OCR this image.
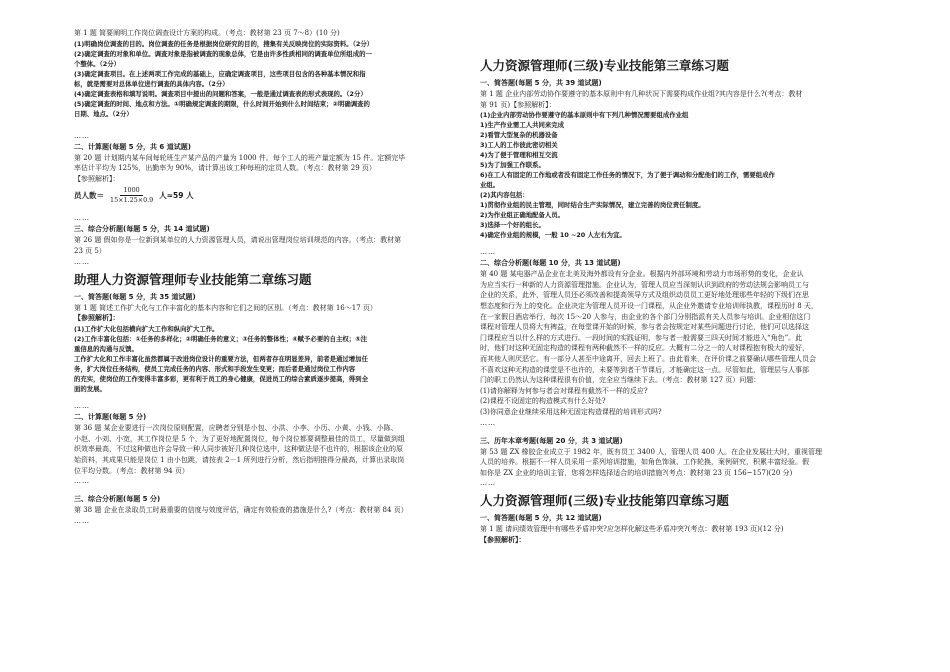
第 1 题 简要阐明工作岗位调查设计方案的构成。（考点：教材第 23 页 7～8）(10 分)

(1)明确岗位调查的目的。岗位调查的任务是根据岗位研究的目的，搜集有关反映岗位的实际资料。（2分）

(2)确定调查的对象和单位。调查对象是指被调查的现象总体，它是由许多性质相同的调查单位所组成的一

个整体。（2分）

(3)确定调查项目。在上述两项工作完成的基础上，应确定调查项目，这些项目包含的各种基本情况和指

标，就是需要对总体单位进行调查的具体内容。（2分）

(4)确定调查表格和填写说明。调查项目中提出的问题和答案，一般是通过调查表的形式表现的。（2分）

(5)确定调查的时间、地点和方法。①明确规定调查的期限，什么时间开始到什么时间结束；②明确调查的

日期、地点。（2分）

……

二、计算题(每题 5 分，共 6 道试题)

第 20 题 计划期内某车间每轮班生产某产品的产量为 1000 件。每个工人的班产量定额为 15 件。定额完毕

率估计平均为 125%，出勤率为 90%，请计算出该工种每班的定员人数。（考点：教材第 29 页）

【参照解析】：

员人数＝ $\frac{1000}{15\times 1.25\times 0.9}$ 人≈59 人

……

三、综合分析题(每题 5 分，共 14 道试题)

第 26 题 假如你是一位新到某单位的人力资源管理人员，请说出管理岗位培训规范的内容。（考点：教材第

23 页 5）

……

助理人力资源管理师专业技能第二章练习题

一、简答题(每题 5 分，共 35 道试题)

第 1 题 简述工作扩大化与工作丰富化的基本内容和它们之间的区别。（考点：教材第 16～17 页）

【参照解析】：

(1)工作扩大化包括横向扩大工作和纵向扩大工作。

(2)工作丰富化包括：①任务的多样化；②明确任务的意义；③任务的整体性；④赋予必要的自主权；⑤注

重信息的沟通与反馈。

工作扩大化和工作丰富化虽然都属于改进岗位设计的重要方法，但两者存在明显差异，前者是通过增加任

务，扩大岗位任务结构，使员工完成任务的内容、形式和手段发生变更；而后者是通过岗位工作内容

的充实，使岗位的工作变得丰富多彩，更有利于员工的身心健康，促进员工的综合素质逐步提高，得到全

面的发展。

……

二、计算题(每题 5 分)

第 36 题 某企业要进行一次岗位原则配置，应聘者分别是小包、小洪、小李、小历、小黄、小钱、小陈、

小赵、小刘、小宽，其工作岗位是 5 个，为了更好地配置岗位，每个岗位都要调整最佳的员工，尽量做到组

织效率最高，不过这种做也许会导致一种人同步被好几种岗位选中，这种做法是不也许的，根据该企业的原

始资料，其成果只能是岗位 1 由小包跳，请按表 2－1 所列进行分析，然后指明推得分最高，计算出录取岗

位平均分数。（考点：教材第 94 页）

……

三、综合分析题(每题 5 分)

第 38 题 企业在录取员工时最重要的信度与效度评估，确定有效检查的措施是什么?（考点：教材第 84 页）

……

人力资源管理师(三级)专业技能第三章练习题

一、简答题(每题 5 分，共 39 道试题)

第 1 题 企业内部劳动协作要遵守的基本原则中有几种状况下需要构成作业组?其内容是什么?(考点：教材

第 91 页)【参照解析】：

(1)企业内部劳动协作要遵守的基本原则中有下列几种情况需要组成作业组

1)生产作业需工人共同来完成

2)看管大型复杂的机器设备

3)工人的工作彼此密切相关

4)为了便于管理和相互交流

5)为了加强工作联系。

6)在工人有固定的工作地或者没有固定工作任务的情况下，为了便于调动和分配他们的工作，需要组成作

业组。

(2)其内容包括：

1)贯彻作业组的民主管理，同时结合生产实际情况，建立完善的岗位责任制度。

2)为作业组正确地配备人员。

3)选择一个好的组长。

4)确定作业组的规模，一般 10 ~20 人左右为宜。

……

二、综合分析题(每题 10 分，共 13 道试题)

第 40 题 某电器产品企业在北美及海外都设有分企业。根据内外部环境和劳动力市场形势的变化，企业认

为应当实行一种新的人力资源管理措施。企业认为，管理人员应当深刻认识到政府的劳动法规会影响员工与

企业的关系，此外，管理人员还必须改善和提高领导方式及组织动员员工更好地处理那些年轻的下级们在思

想态度和行为上的变化。企业决定为管理人员开设一门课程，从企业外邀请专业培训师执教，课程历时 8 天，

在一家假日酒店举行，每次 15～20 人参与，由企业的各个部门分别指派有关人员参与培训。企业相信这门

课程对管理人员将大有裨益，在每堂课开始的时候，参与者会按规定对某些问题进行讨论，他们可以选择这

门课程应当以什么样的方式进行。一段时间的实践证明，参与者一般需要三四天时间才能进入“角色”。此

时，他们对这种无固定构造的课程有两种截然不一样的反应。大概有二分之一的人对课程抱有极大的爱好，

而其他人则厌恶它。有一部分人甚至中途离开，回去上班了。由此看来，在评价课之前要确认哪些管理人员会

不喜欢这种无构造的课堂是不也许的，未要等到者干节课后，才能确定这一点。尽管如此，管理层与人事部

门的职工仍然认为这种课程很有价值，完全应当继续下去。（考点：教材第 127 页）问题：

(1)请你解释为何参与者会对课程有截然不一样的反应?

(2)课程不设固定的构造模式有什么好处?

(3)你同意企业继续采用这种无固定构造课程的培训形式吗?

……

三、历年本章考题(每题 20 分，共 3 道试题)

第 53 题 ZX 橡胶企业成立于 1982 年，既有员工 3400 人，管理人员 400 人。在企业发展壮大时，重视管理

人员的培养。根据不一样人员采用一系列培训措施，如角色饰演、工作轮换，案例研究，积累丰富经验。假

如你是 ZX 企业的培训主管，您将怎样选择适合的培训措施?(考点：教材第 23 页 156~157)(20 分)

……

人力资源管理师(三级)专业技能第四章练习题

一、简答题(每题 5 分，共 12 道试题)

第 1 题 请问绩效管理中有哪些矛盾冲突?应怎样化解这些矛盾冲突?(考点：教材第 193 页)(12 分)

【参照解析】：
